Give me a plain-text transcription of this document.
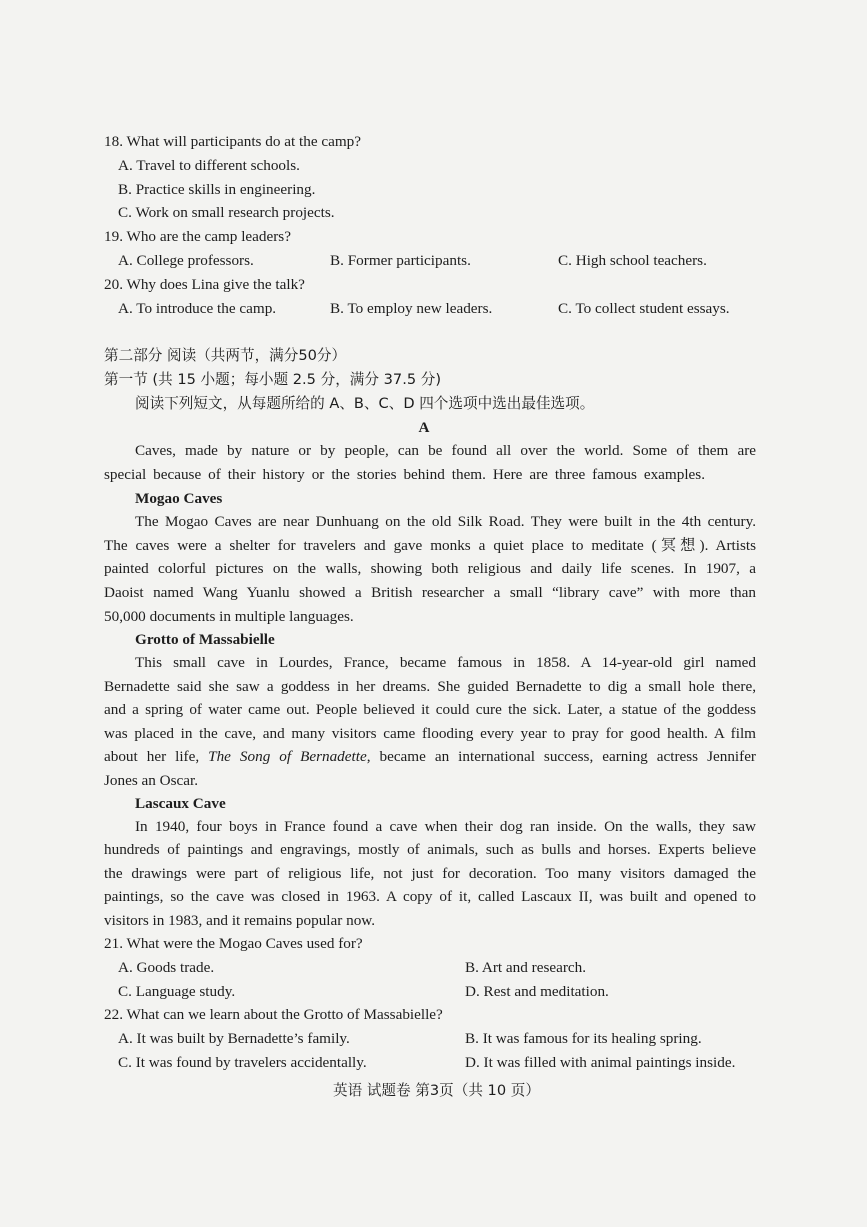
18. What will participants do at the camp?
A. Travel to different schools.
B. Practice skills in engineering.
C. Work on small research projects.
19. Who are the camp leaders?
A. College professors.	B. Former participants.	C. High school teachers.
20. Why does Lina give the talk?
A. To introduce the camp.	B. To employ new leaders.	C. To collect student essays.
第二部分 阅读（共两节，满分50分）
第一节 (共 15 小题；每小题 2.5 分，满分 37.5 分)
阅读下列短文，从每题所给的 A、B、C、D 四个选项中选出最佳选项。
A
Caves, made by nature or by people, can be found all over the world. Some of them are
special because of their history or the stories behind them. Here are three famous examples.
Mogao Caves
The Mogao Caves are near Dunhuang on the old Silk Road. They were built in the 4th century.
The caves were a shelter for travelers and gave monks a quiet place to meditate (冥想). Artists
painted colorful pictures on the walls, showing both religious and daily life scenes. In 1907, a
Daoist named Wang Yuanlu showed a British researcher a small “library cave” with more than
50,000 documents in multiple languages.
Grotto of Massabielle
This small cave in Lourdes, France, became famous in 1858. A 14-year-old girl named
Bernadette said she saw a goddess in her dreams. She guided Bernadette to dig a small hole there,
and a spring of water came out. People believed it could cure the sick. Later, a statue of the goddess
was placed in the cave, and many visitors came flooding every year to pray for good health. A film
about her life, The Song of Bernadette, became an international success, earning actress Jennifer
Jones an Oscar.
Lascaux Cave
In 1940, four boys in France found a cave when their dog ran inside. On the walls, they saw
hundreds of paintings and engravings, mostly of animals, such as bulls and horses. Experts believe
the drawings were part of religious life, not just for decoration. Too many visitors damaged the
paintings, so the cave was closed in 1963. A copy of it, called Lascaux II, was built and opened to
visitors in 1983, and it remains popular now.
21. What were the Mogao Caves used for?
A. Goods trade.	B. Art and research.
C. Language study.	D. Rest and meditation.
22. What can we learn about the Grotto of Massabielle?
A. It was built by Bernadette’s family.	B. It was famous for its healing spring.
C. It was found by travelers accidentally.	D. It was filled with animal paintings inside.
英语 试题卷 第3页（共 10 页）
